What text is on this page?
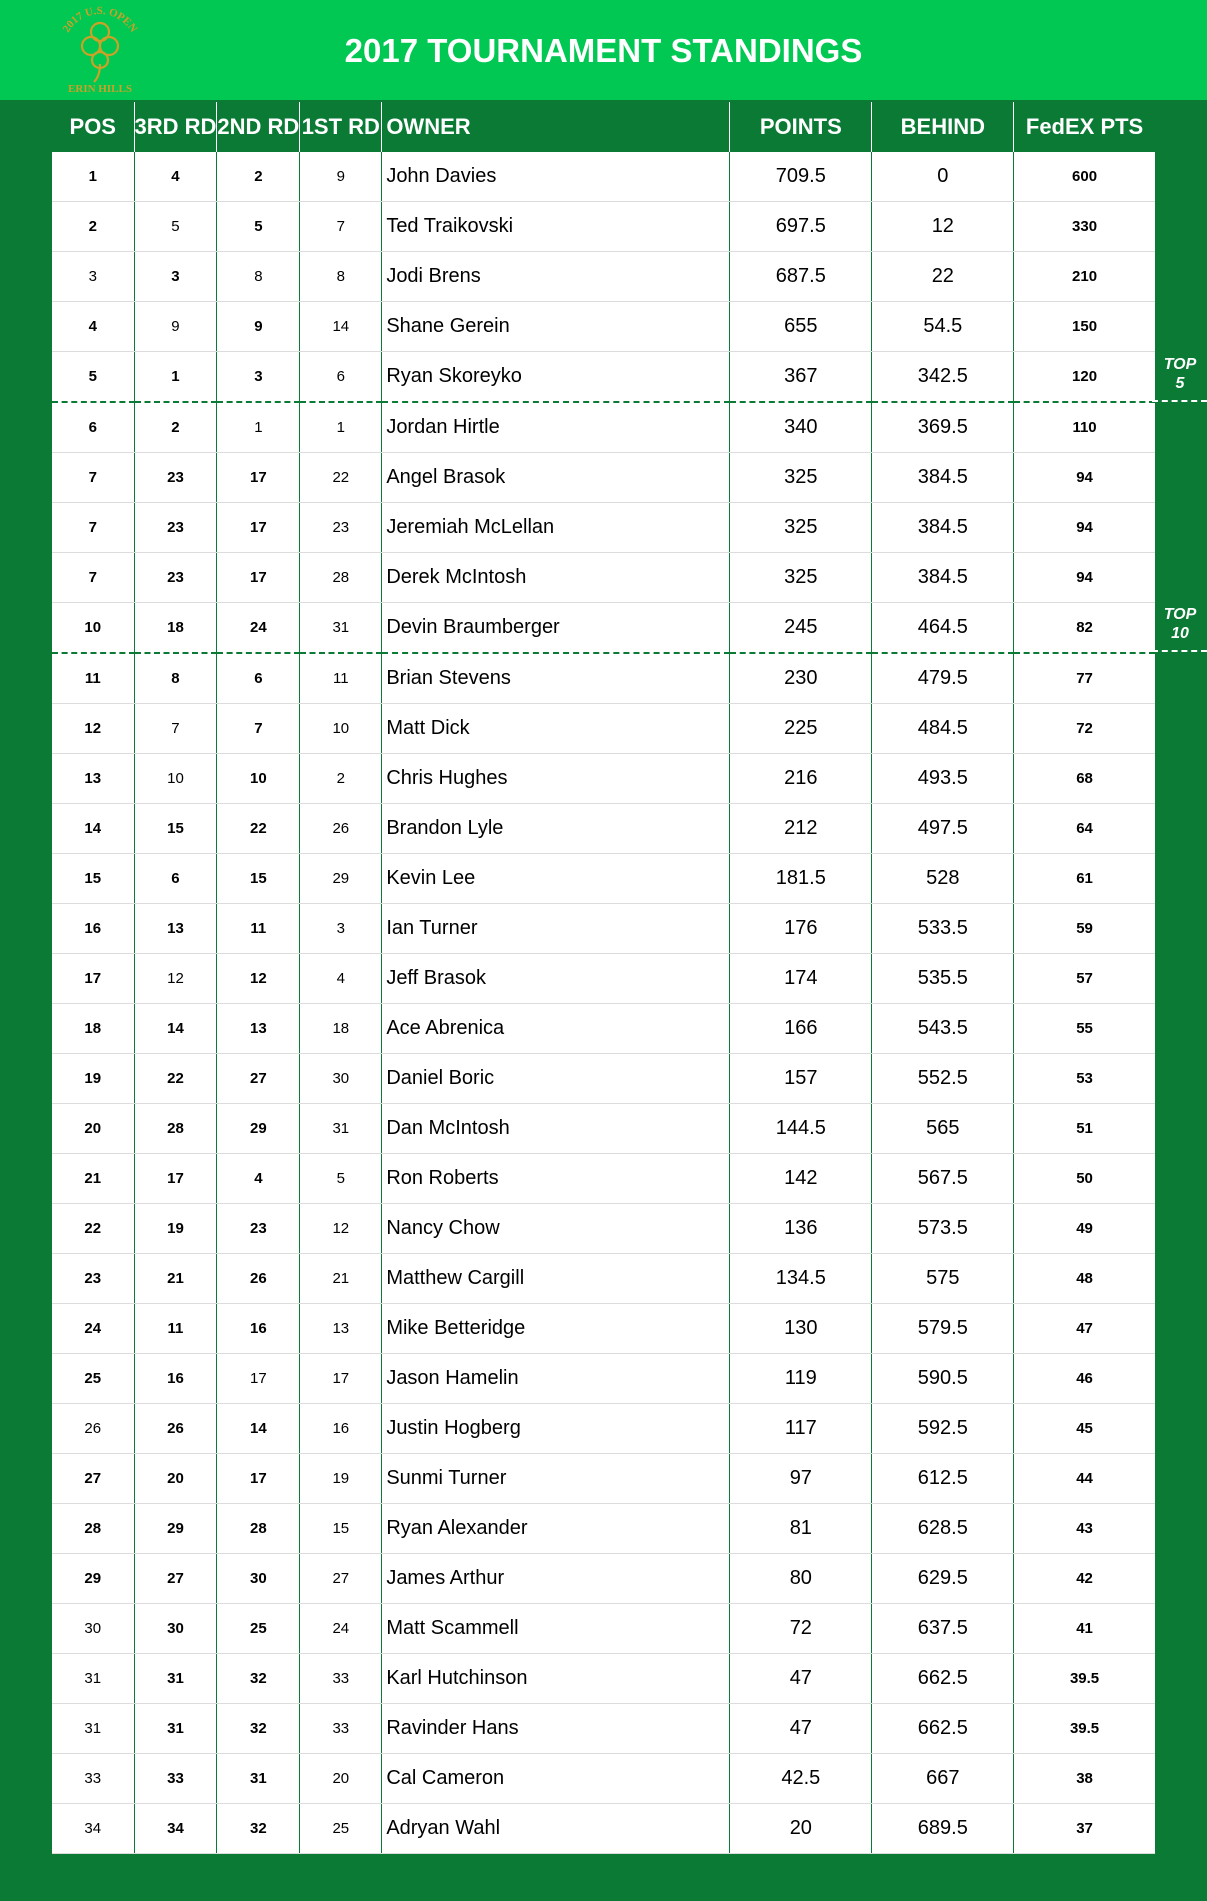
2017 U.S. OPEN
ERIN HILLS
2017 TOURNAMENT STANDINGS
POS	3RD RD	2ND RD	1ST RD	OWNER	POINTS	BEHIND	FedEX PTS
1	4	2	9	John Davies	709.5	0	600
2	5	5	7	Ted Traikovski	697.5	12	330
3	3	8	8	Jodi Brens	687.5	22	210
4	9	9	14	Shane Gerein	655	54.5	150
5	1	3	6	Ryan Skoreyko	367	342.5	120
6	2	1	1	Jordan Hirtle	340	369.5	110
7	23	17	22	Angel Brasok	325	384.5	94
7	23	17	23	Jeremiah McLellan	325	384.5	94
7	23	17	28	Derek McIntosh	325	384.5	94
10	18	24	31	Devin Braumberger	245	464.5	82
11	8	6	11	Brian Stevens	230	479.5	77
12	7	7	10	Matt Dick	225	484.5	72
13	10	10	2	Chris Hughes	216	493.5	68
14	15	22	26	Brandon Lyle	212	497.5	64
15	6	15	29	Kevin Lee	181.5	528	61
16	13	11	3	Ian Turner	176	533.5	59
17	12	12	4	Jeff Brasok	174	535.5	57
18	14	13	18	Ace Abrenica	166	543.5	55
19	22	27	30	Daniel Boric	157	552.5	53
20	28	29	31	Dan McIntosh	144.5	565	51
21	17	4	5	Ron Roberts	142	567.5	50
22	19	23	12	Nancy Chow	136	573.5	49
23	21	26	21	Matthew Cargill	134.5	575	48
24	11	16	13	Mike Betteridge	130	579.5	47
25	16	17	17	Jason Hamelin	119	590.5	46
26	26	14	16	Justin Hogberg	117	592.5	45
27	20	17	19	Sunmi Turner	97	612.5	44
28	29	28	15	Ryan Alexander	81	628.5	43
29	27	30	27	James Arthur	80	629.5	42
30	30	25	24	Matt Scammell	72	637.5	41
31	31	32	33	Karl Hutchinson	47	662.5	39.5
31	31	32	33	Ravinder Hans	47	662.5	39.5
33	33	31	20	Cal Cameron	42.5	667	38
34	34	32	25	Adryan Wahl	20	689.5	37
TOP
5
TOP
10
